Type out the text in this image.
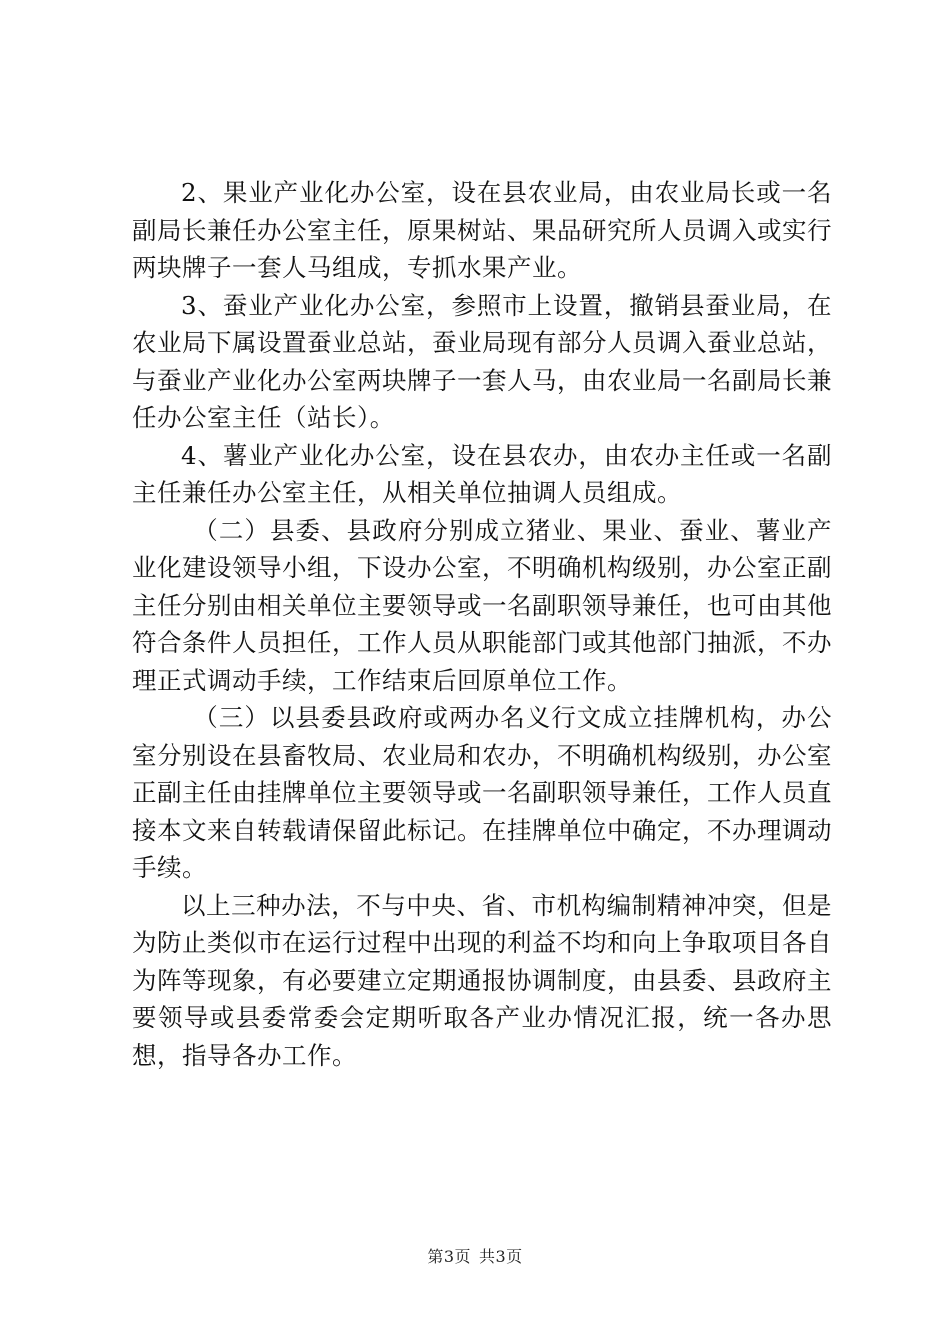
2、果业产业化办公室，设在县农业局，由农业局长或一名副局长兼任办公室主任，原果树站、果品研究所人员调入或实行两块牌子一套人马组成，专抓水果产业。

3、蚕业产业化办公室，参照市上设置，撤销县蚕业局，在农业局下属设置蚕业总站，蚕业局现有部分人员调入蚕业总站，与蚕业产业化办公室两块牌子一套人马，由农业局一名副局长兼任办公室主任（站长）。

4、薯业产业化办公室，设在县农办，由农办主任或一名副主任兼任办公室主任，从相关单位抽调人员组成。

（二）县委、县政府分别成立猪业、果业、蚕业、薯业产业化建设领导小组，下设办公室，不明确机构级别，办公室正副主任分别由相关单位主要领导或一名副职领导兼任，也可由其他符合条件人员担任，工作人员从职能部门或其他部门抽派，不办理正式调动手续，工作结束后回原单位工作。

（三）以县委县政府或两办名义行文成立挂牌机构，办公室分别设在县畜牧局、农业局和农办，不明确机构级别，办公室正副主任由挂牌单位主要领导或一名副职领导兼任，工作人员直接本文来自转载请保留此标记。在挂牌单位中确定，不办理调动手续。

以上三种办法，不与中央、省、市机构编制精神冲突，但是为防止类似市在运行过程中出现的利益不均和向上争取项目各自为阵等现象，有必要建立定期通报协调制度，由县委、县政府主要领导或县委常委会定期听取各产业办情况汇报，统一各办思想，指导各办工作。

第3页 共3页
